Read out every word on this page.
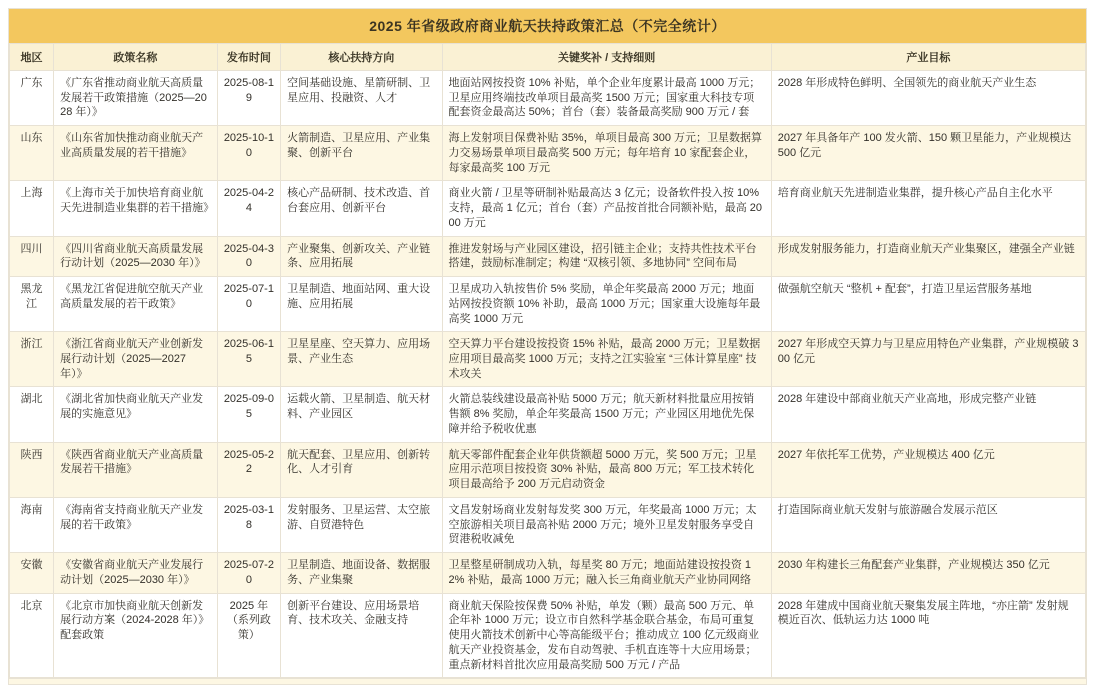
2025 年省级政府商业航天扶持政策汇总（不完全统计）
地区	政策名称	发布时间	核心扶持方向	关键奖补 / 支持细则	产业目标
广东	《广东省推动商业航天高质量发展若干政策措施（2025—2028 年）》	2025-08-19	空间基础设施、星箭研制、卫星应用、投融资、人才	地面站网按投资 10% 补贴，单个企业年度累计最高 1000 万元；卫星应用终端技改单项目最高奖 1500 万元；国家重大科技专项配套资金最高达 50%；首台（套）装备最高奖励 900 万元 / 套	2028 年形成特色鲜明、全国领先的商业航天产业生态
山东	《山东省加快推动商业航天产业高质量发展的若干措施》	2025-10-10	火箭制造、卫星应用、产业集聚、创新平台	海上发射项目保费补贴 35%，单项目最高 300 万元；卫星数据算力交易场景单项目最高奖 500 万元；每年培育 10 家配套企业，每家最高奖 100 万元	2027 年具备年产 100 发火箭、150 颗卫星能力，产业规模达 500 亿元
上海	《上海市关于加快培育商业航天先进制造业集群的若干措施》	2025-04-24	核心产品研制、技术改造、首台套应用、创新平台	商业火箭 / 卫星等研制补贴最高达 3 亿元；设备软件投入按 10% 支持，最高 1 亿元；首台（套）产品按首批合同额补贴，最高 2000 万元	培育商业航天先进制造业集群，提升核心产品自主化水平
四川	《四川省商业航天高质量发展行动计划（2025—2030 年）》	2025-04-30	产业聚集、创新攻关、产业链条、应用拓展	推进发射场与产业园区建设，招引链主企业；支持共性技术平台搭建，鼓励标准制定；构建 “双核引领、多地协同” 空间布局	形成发射服务能力，打造商业航天产业集聚区，建强全产业链
黑龙江	《黑龙江省促进航空航天产业高质量发展的若干政策》	2025-07-10	卫星制造、地面站网、重大设施、应用拓展	卫星成功入轨按售价 5% 奖励，单企年奖最高 2000 万元；地面站网按投资额 10% 补助，最高 1000 万元；国家重大设施每年最高奖 1000 万元	做强航空航天 “整机 + 配套”，打造卫星运营服务基地
浙江	《浙江省商业航天产业创新发展行动计划（2025—2027 年）》	2025-06-15	卫星星座、空天算力、应用场景、产业生态	空天算力平台建设按投资 15% 补贴，最高 2000 万元；卫星数据应用项目最高奖 1000 万元；支持之江实验室 “三体计算星座” 技术攻关	2027 年形成空天算力与卫星应用特色产业集群，产业规模破 300 亿元
湖北	《湖北省加快商业航天产业发展的实施意见》	2025-09-05	运载火箭、卫星制造、航天材料、产业园区	火箭总装线建设最高补贴 5000 万元；航天新材料批量应用按销售额 8% 奖励，单企年奖最高 1500 万元；产业园区用地优先保障并给予税收优惠	2028 年建设中部商业航天产业高地，形成完整产业链
陕西	《陕西省商业航天产业高质量发展若干措施》	2025-05-22	航天配套、卫星应用、创新转化、人才引育	航天零部件配套企业年供货额超 5000 万元，奖 500 万元；卫星应用示范项目按投资 30% 补贴，最高 800 万元；军工技术转化项目最高给予 200 万元启动资金	2027 年依托军工优势，产业规模达 400 亿元
海南	《海南省支持商业航天产业发展的若干政策》	2025-03-18	发射服务、卫星运营、太空旅游、自贸港特色	文昌发射场商业发射每发奖 300 万元，年奖最高 1000 万元；太空旅游相关项目最高补贴 2000 万元；境外卫星发射服务享受自贸港税收减免	打造国际商业航天发射与旅游融合发展示范区
安徽	《安徽省商业航天产业发展行动计划（2025—2030 年）》	2025-07-20	卫星制造、地面设备、数据服务、产业集聚	卫星整星研制成功入轨，每星奖 80 万元；地面站建设按投资 12% 补贴，最高 1000 万元；融入长三角商业航天产业协同网络	2030 年构建长三角配套产业集群，产业规模达 350 亿元
北京	《北京市加快商业航天创新发展行动方案（2024-2028 年）》配套政策	2025 年（系列政策）	创新平台建设、应用场景培育、技术攻关、金融支持	商业航天保险按保费 50% 补贴，单发（颗）最高 500 万元、单企年补 1000 万元；设立市自然科学基金联合基金，布局可重复使用火箭技术创新中心等高能级平台；推动成立 100 亿元级商业航天产业投资基金，发布自动驾驶、手机直连等十大应用场景；重点新材料首批次应用最高奖励 500 万元 / 产品	2028 年建成中国商业航天聚集发展主阵地，“亦庄箭” 发射规模近百次、低轨运力达 1000 吨
